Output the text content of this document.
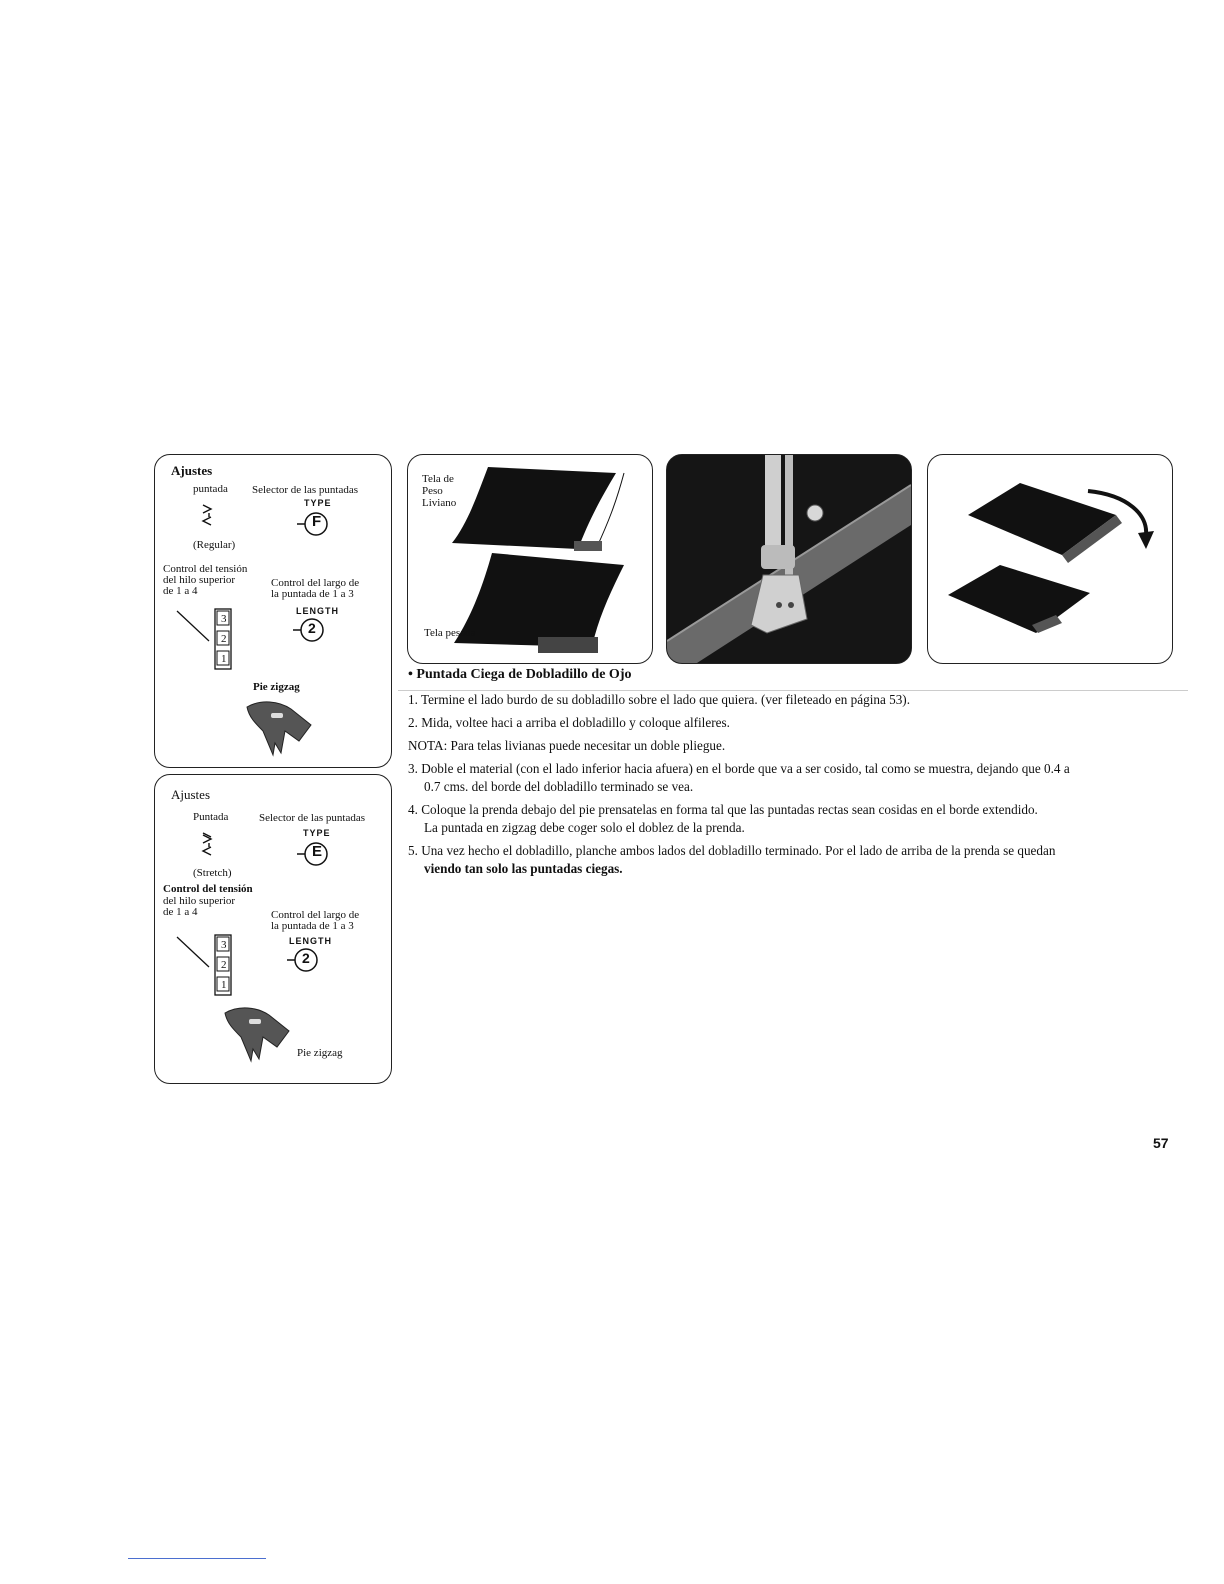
Ajustes
puntada Selector de las puntadas
TYPE
F
(Regular)
Control del tensión
del hilo superior
de 1 a 4
Control del largo de
la puntada de 1 a 3
LENGTH
2
3
2
1
Pie zigzag
Ajustes
Puntada	Selector de las puntadas
TYPE
E
(Stretch)
Control del tensión
del hilo superior
de 1 a 4	Control del largo de
la puntada de 1 a 3
LENGTH
2
3
2
1
Pie zigzag
Tela de
Peso
Liviano
Tela pesada
• Puntada Ciega de Dobladillo de Ojo
1. Termine el lado burdo de su dobladillo sobre el lado que quiera. (ver fileteado en página 53).
2. Mida, voltee haci a arriba el dobladillo y coloque alfileres.
NOTA: Para telas livianas puede necesitar un doble pliegue.
3. Doble el material (con el lado inferior hacia afuera) en el borde que va a ser cosido, tal como se muestra, dejando que 0.4 a
0.7 cms. del borde del dobladillo terminado se vea.
4. Coloque la prenda debajo del pie prensatelas en forma tal que las puntadas rectas sean cosidas en el borde extendido.
La puntada en zigzag debe coger solo el doblez de la prenda.
5. Una vez hecho el dobladillo, planche ambos lados del dobladillo terminado. Por el lado de arriba de la prenda se quedan
viendo tan solo las puntadas ciegas.
57
